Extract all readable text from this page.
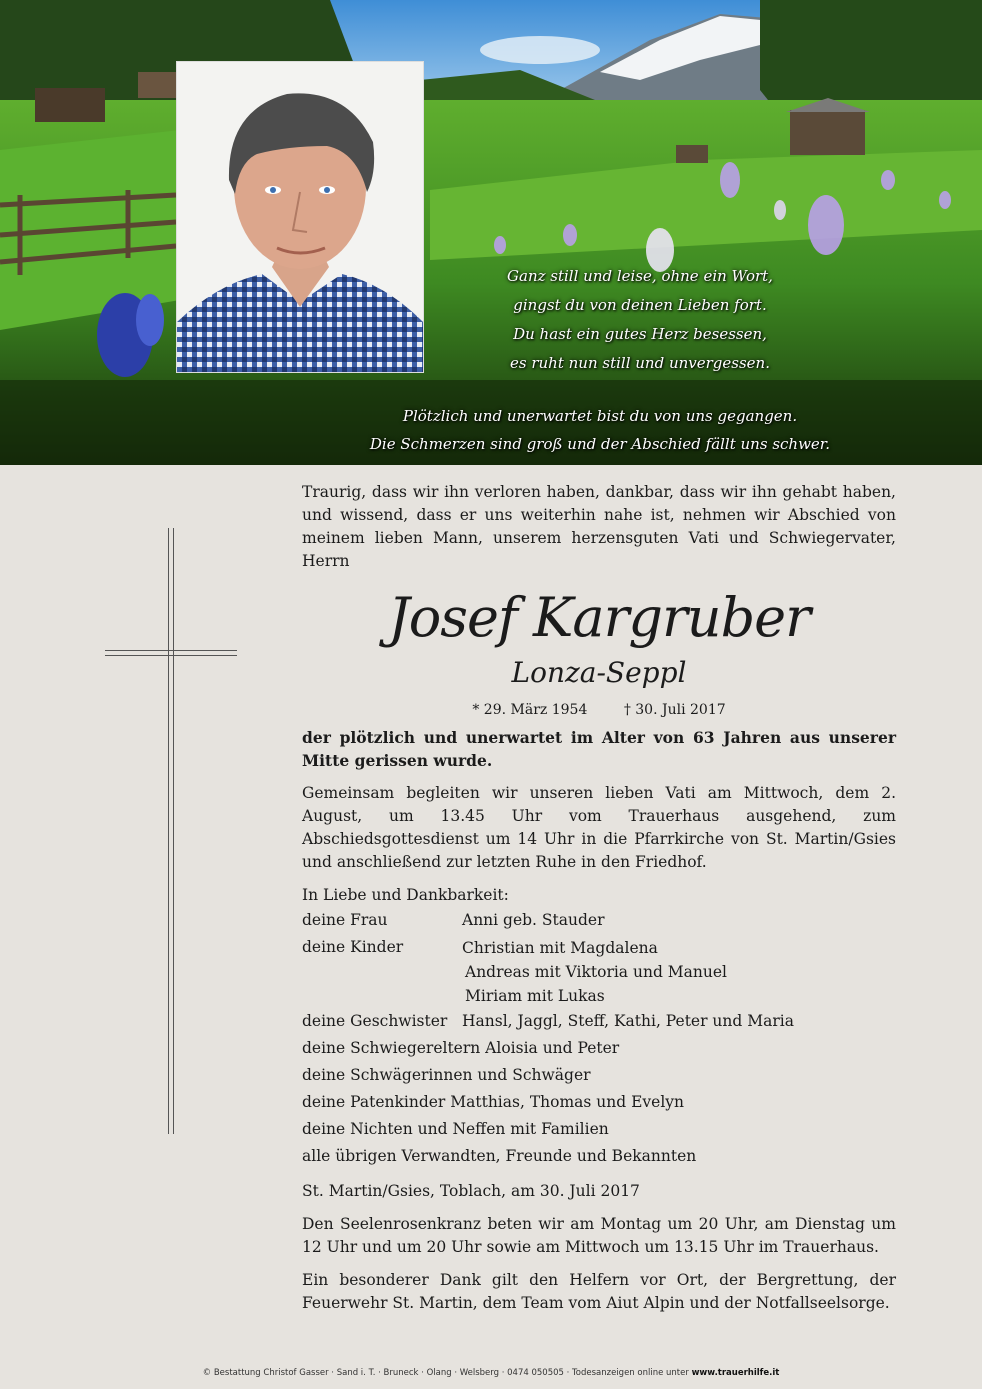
Ganz still und leise, ohne ein Wort,
gingst du von deinen Lieben fort.
Du hast ein gutes Herz besessen,
es ruht nun still und unvergessen.
Plötzlich und unerwartet bist du von uns gegangen.
Die Schmerzen sind groß und der Abschied fällt uns schwer.

Traurig, dass wir ihn verloren haben, dankbar, dass wir ihn gehabt haben, und wissend, dass er uns weiterhin nahe ist, nehmen wir Abschied von meinem lieben Mann, unserem herzensguten Vati und Schwiegervater, Herrn

Josef Kargruber
Lonza-Seppl
* 29. März 1954	† 30. Juli 2017

der plötzlich und unerwartet im Alter von 63 Jahren aus unserer Mitte gerissen wurde.

Gemeinsam begleiten wir unseren lieben Vati am Mittwoch, dem 2. August, um 13.45 Uhr vom Trauerhaus ausgehend, zum Abschiedsgottesdienst um 14 Uhr in die Pfarrkirche von St. Martin/Gsies und anschließend zur letzten Ruhe in den Friedhof.

In Liebe und Dankbarkeit:

deine Frau	Anni geb. Stauder
deine Kinder	Christian mit Magdalena
Andreas mit Viktoria und Manuel
Miriam mit Lukas
deine Geschwister Hansl, Jaggl, Steff, Kathi, Peter und Maria
deine Schwiegereltern Aloisia und Peter
deine Schwägerinnen und Schwäger
deine Patenkinder Matthias, Thomas und Evelyn
deine Nichten und Neffen mit Familien
alle übrigen Verwandten, Freunde und Bekannten

St. Martin/Gsies, Toblach, am 30. Juli 2017

Den Seelenrosenkranz beten wir am Montag um 20 Uhr, am Dienstag um 12 Uhr und um 20 Uhr sowie am Mittwoch um 13.15 Uhr im Trauerhaus.

Ein besonderer Dank gilt den Helfern vor Ort, der Bergrettung, der Feuerwehr St. Martin, dem Team vom Aiut Alpin und der Notfallseelsorge.

© Bestattung Christof Gasser · Sand i. T. · Bruneck · Olang · Welsberg · 0474 050505 · Todesanzeigen online unter www.trauerhilfe.it
